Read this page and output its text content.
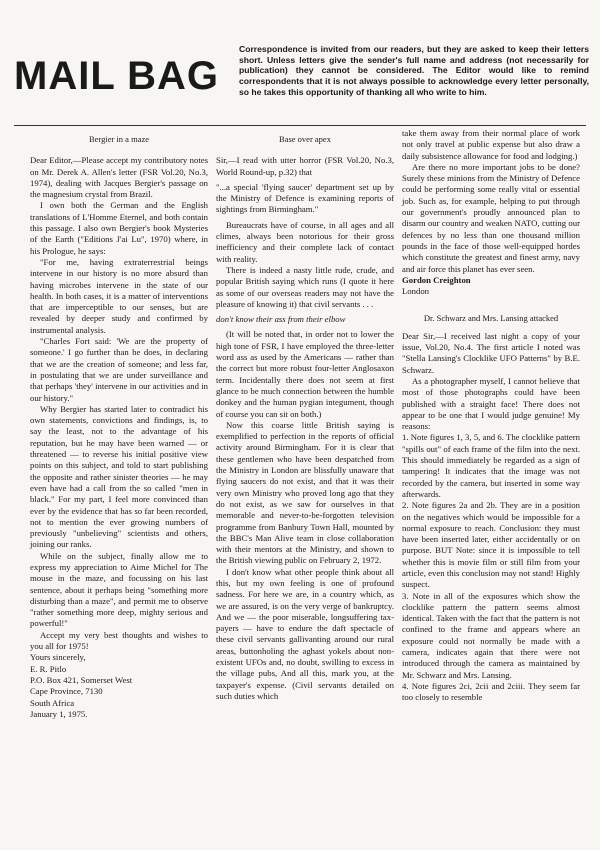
MAIL BAG

Correspondence is invited from our readers, but they are asked to keep their letters short. Unless letters give the sender's full name and address (not necessarily for publication) they cannot be considered. The Editor would like to remind correspondents that it is not always possible to acknowledge every letter personally, so he takes this opportunity of thanking all who write to him.

Bergier in a maze

Dear Editor,—Please accept my contributory notes on Mr. Derek A. Allen's letter (FSR Vol.20, No.3, 1974), dealing with Jacques Bergier's passage on the magnesium crystal from Brazil.

I own both the German and the English translations of L'Homme Eternel, and both contain this passage. I also own Bergier's book Mysteries of the Earth ("Editions J'ai Lu", 1970) where, in his Prologue, he says:

"For me, having extraterrestrial beings intervene in our history is no more absurd than having microbes intervene in the state of our health. In both cases, it is a matter of interventions that are imperceptible to our senses, but are revealed by deeper study and confirmed by instrumental analysis.

"Charles Fort said: 'We are the property of someone.' I go further than he does, in declaring that we are the creation of someone; and less far, in postulating that we are under surveillance and that perhaps 'they' intervene in our activities and in our history."

Why Bergier has started later to contradict his own statements, convictions and findings, is, to say the least, not to the advantage of his reputation, but he may have been warned — or threatened — to reverse his initial positive view points on this subject, and told to start publishing the opposite and rather sinister theories — he may even have had a call from the so called "men in black." For my part, I feel more convinced than ever by the evidence that has so far been recorded, not to mention the ever growing numbers of previously "unbelieving" scientists and others, joining our ranks.

While on the subject, finally allow me to express my appreciation to Aime Michel for The mouse in the maze, and focussing on his last sentence, about it perhaps being "something more disturbing than a maze", and permit me to observe "rather something more deep, mighty serious and powerful!"

Accept my very best thoughts and wishes to you all for 1975!

Yours sincerely,

E. R. Pitlo

P.O. Box 421, Somerset West

Cape Province, 7130

South Africa

January 1, 1975.

Base over apex

Sir,—I read with utter horror (FSR Vol.20, No.3, World Round-up, p.32) that

"...a special 'flying saucer' department set up by the Ministry of Defence is examining reports of sightings from Birmingham."

Bureaucrats have of course, in all ages and all climes, always been notorious for their gross inefficiency and their complete lack of contact with reality.

There is indeed a nasty little rude, crude, and popular British saying which runs (I quote it here as some of our overseas readers may not have the pleasure of knowing it) that civil servants . . .

don't know their ass from their elbow

(It will be noted that, in order not to lower the high tone of FSR, I have employed the three-letter word ass as used by the Americans — rather than the correct but more robust four-letter Anglosaxon term. Incidentally there does not seem at first glance to be much connection between the humble donkey and the human pygian integument, though of course you can sit on both.)

Now this coarse little British saying is exemplified to perfection in the reports of official activity around Birmingham. For it is clear that these gentlemen who have been despatched from the Ministry in London are blissfully unaware that flying saucers do not exist, and that it was their very own Ministry who proved long ago that they do not exist, as we saw for ourselves in that memorable and never-to-be-forgotten television programme from Banbury Town Hall, mounted by the BBC's Man Alive team in close collaboration with their mentors at the Ministry, and shown to the British viewing public on February 2, 1972.

I don't know what other people think about all this, but my own feeling is one of profound sadness. For here we are, in a country which, as we are assured, is on the very verge of bankruptcy. And we — the poor miserable, longsuffering tax-payers — have to endure the daft spectacle of these civil servants gallivanting around our rural areas, buttonholing the aghast yokels about non-existent UFOs and, no doubt, swilling to excess in the village pubs, And all this, mark you, at the taxpayer's expense. (Civil servants detailed on such duties which

take them away from their normal place of work not only travel at public expense but also draw a daily subsistence allowance for food and lodging.)

Are there no more important jobs to be done? Surely these minions from the Ministry of Defence could be performing some really vital or essential job. Such as, for example, helping to put through our government's proudly announced plan to disarm our country and weaken NATO, cutting our defences by no less than one thousand million pounds in the face of those well-equipped hordes which constitute the greatest and finest army, navy and air force this planet has ever seen.

Gordon Creighton

London

Dr. Schwarz and Mrs. Lansing attacked

Dear Sir,—I received last night a copy of your issue, Vol.20, No.4. The first article I noted was "Stella Lansing's Clocklike UFO Patterns" by B.E. Schwarz.

As a photographer myself, I cannot believe that most of those photographs could have been published with a straight face! There does not appear to be one that I would judge genuine! My reasons:

1. Note figures 1, 3, 5, and 6. The clocklike pattern "spills out" of each frame of the film into the next. This should immediately be regarded as a sign of tampering! It indicates that the image was not recorded by the camera, but inserted in some way afterwards.

2. Note figures 2a and 2b. They are in a position on the negatives which would be impossible for a normal exposure to reach. Conclusion: they must have been inserted later, either accidentally or on purpose. BUT Note: since it is impossible to tell whether this is movie film or still film from your article, even this conclusion may not stand! Highly suspect.

3. Note in all of the exposures which show the clocklike pattern the pattern seems almost identical. Taken with the fact that the pattern is not confined to the frame and appears where an exposure could not normally be made with a camera, indicates again that there were not introduced through the camera as maintained by Mr. Schwarz and Mrs. Lansing.

4. Note figures 2ci, 2cii and 2ciii. They seem far too closely to resemble
